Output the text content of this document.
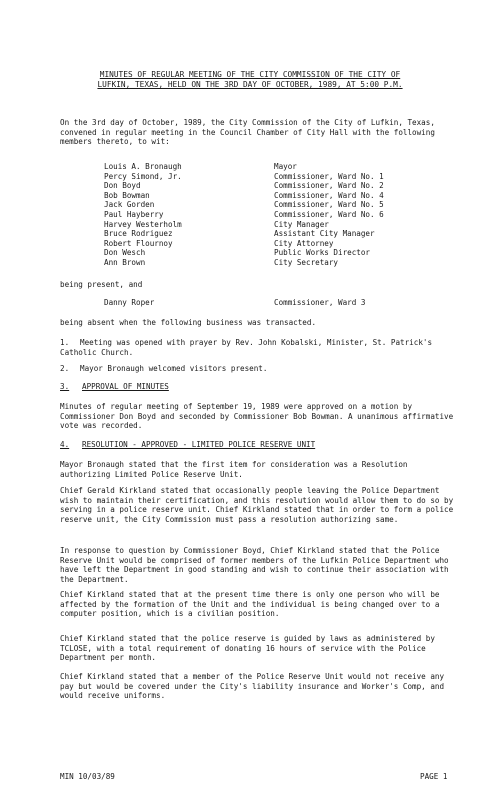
MINUTES OF REGULAR MEETING OF THE CITY COMMISSION OF THE CITY OF
LUFKIN, TEXAS, HELD ON THE 3RD DAY OF OCTOBER, 1989, AT 5:00 P.M.

On the 3rd day of October, 1989, the City Commission of the City of Lufkin, Texas, convened in regular meeting in the Council Chamber of City Hall with the following members thereto, to wit:

Louis A. Bronaugh	Mayor
Percy Simond, Jr.	Commissioner, Ward No. 1
Don Boyd	Commissioner, Ward No. 2
Bob Bowman	Commissioner, Ward No. 4
Jack Gorden	Commissioner, Ward No. 5
Paul Hayberry	Commissioner, Ward No. 6
Harvey Westerholm	City Manager
Bruce Rodriguez	Assistant City Manager
Robert Flournoy	City Attorney
Don Wesch	Public Works Director
Ann Brown	City Secretary

being present, and

Danny Roper	Commissioner, Ward 3

being absent when the following business was transacted.

1. Meeting was opened with prayer by Rev. John Kobalski, Minister, St. Patrick's Catholic Church.
2. Mayor Bronaugh welcomed visitors present.
3. APPROVAL OF MINUTES

Minutes of regular meeting of September 19, 1989 were approved on a motion by Commissioner Don Boyd and seconded by Commissioner Bob Bowman. A unanimous affirmative vote was recorded.

4. RESOLUTION - APPROVED - LIMITED POLICE RESERVE UNIT

Mayor Bronaugh stated that the first item for consideration was a Resolution authorizing Limited Police Reserve Unit.

Chief Gerald Kirkland stated that occasionally people leaving the Police Department wish to maintain their certification, and this resolution would allow them to do so by serving in a police reserve unit. Chief Kirkland stated that in order to form a police reserve unit, the City Commission must pass a resolution authorizing same.

In response to question by Commissioner Boyd, Chief Kirkland stated that the Police Reserve Unit would be comprised of former members of the Lufkin Police Department who have left the Department in good standing and wish to continue their association with the Department.

Chief Kirkland stated that at the present time there is only one person who will be affected by the formation of the Unit and the individual is being changed over to a computer position, which is a civilian position.

Chief Kirkland stated that the police reserve is guided by laws as administered by TCLOSE, with a total requirement of donating 16 hours of service with the Police Department per month.

Chief Kirkland stated that a member of the Police Reserve Unit would not receive any pay but would be covered under the City's liability insurance and Worker's Comp, and would receive uniforms.

MIN 10/03/89	PAGE 1
